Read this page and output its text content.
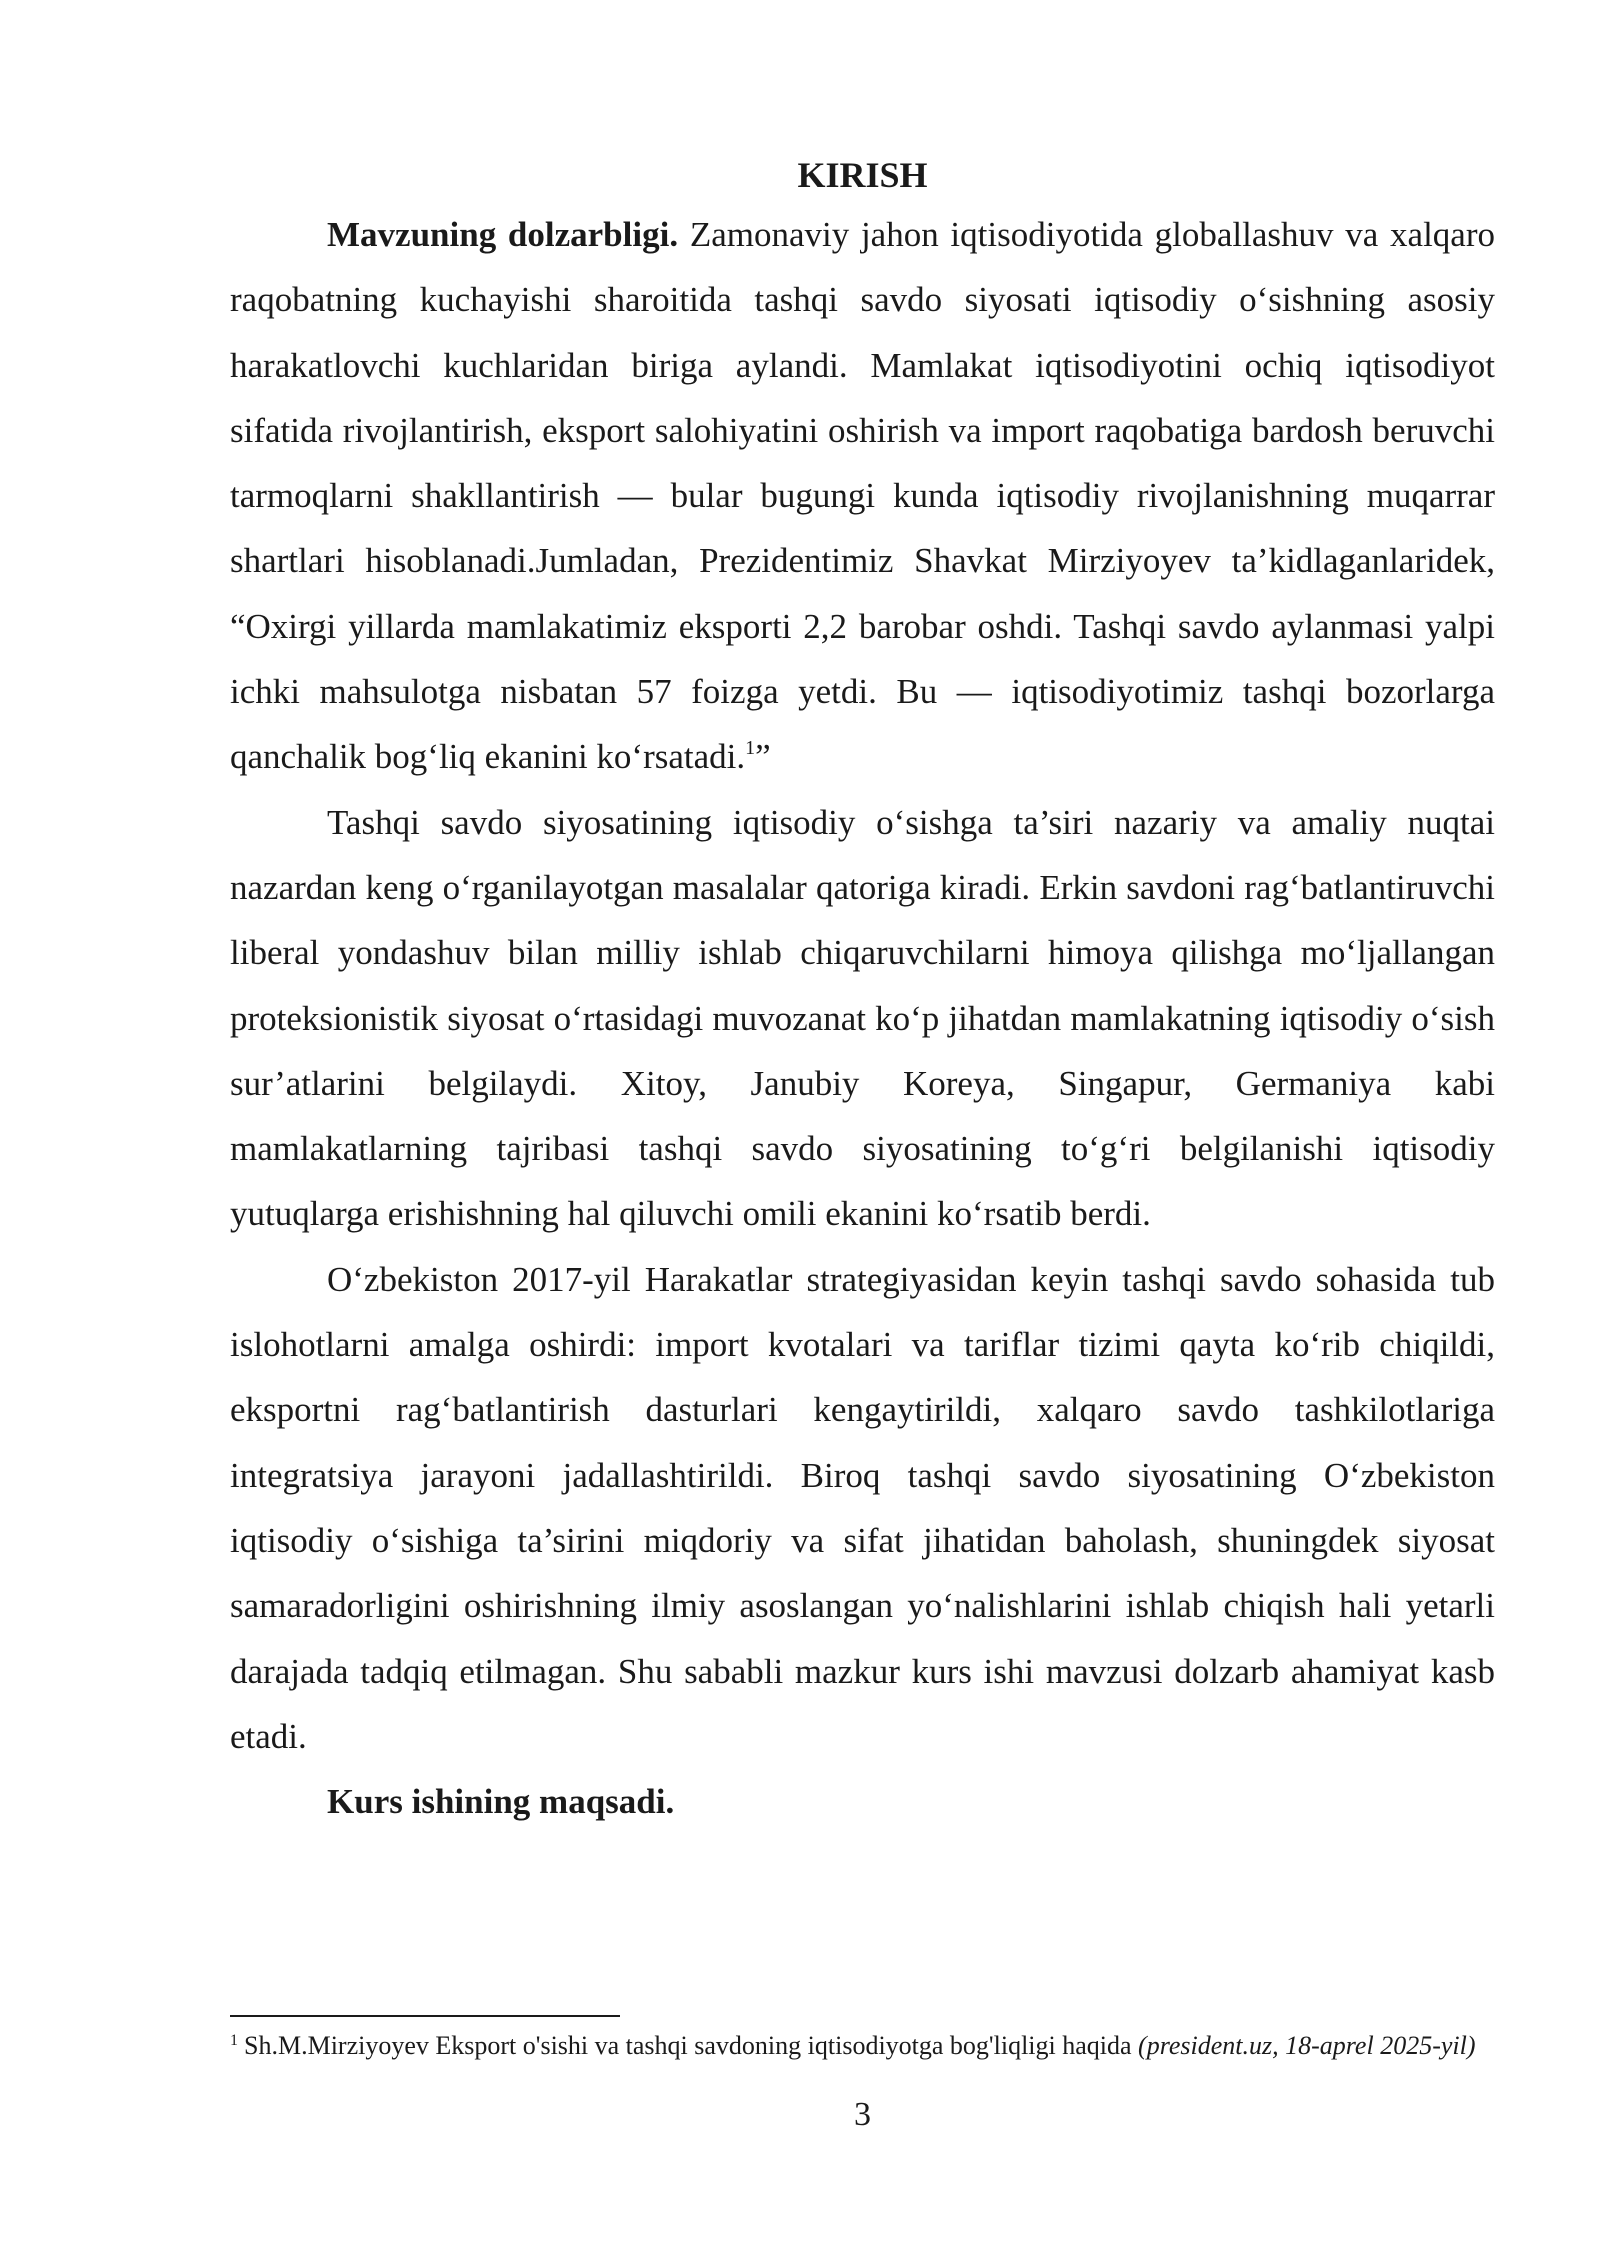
KIRISH

Mavzuning dolzarbligi. Zamonaviy jahon iqtisodiyotida globallashuv va xalqaro raqobatning kuchayishi sharoitida tashqi savdo siyosati iqtisodiy o‘sishning asosiy harakatlovchi kuchlaridan biriga aylandi. Mamlakat iqtisodiyotini ochiq iqtisodiyot sifatida rivojlantirish, eksport salohiyatini oshirish va import raqobatiga bardosh beruvchi tarmoqlarni shakllantirish — bular bugungi kunda iqtisodiy rivojlanishning muqarrar shartlari hisoblanadi.Jumladan, Prezidentimiz Shavkat Mirziyoyev ta’kidlaganlaridek, “Oxirgi yillarda mamlakatimiz eksporti 2,2 barobar oshdi. Tashqi savdo aylanmasi yalpi ichki mahsulotga nisbatan 57 foizga yetdi. Bu — iqtisodiyotimiz tashqi bozorlarga qanchalik bog‘liq ekanini ko‘rsatadi.$^1$”

Tashqi savdo siyosatining iqtisodiy o‘sishga ta’siri nazariy va amaliy nuqtai nazardan keng o‘rganilayotgan masalalar qatoriga kiradi. Erkin savdoni rag‘batlantiruvchi liberal yondashuv bilan milliy ishlab chiqaruvchilarni himoya qilishga mo‘ljallangan proteksionistik siyosat o‘rtasidagi muvozanat ko‘p jihatdan mamlakatning iqtisodiy o‘sish sur’atlarini belgilaydi. Xitoy, Janubiy Koreya, Singapur, Germaniya kabi mamlakatlarning tajribasi tashqi savdo siyosatining to‘g‘ri belgilanishi iqtisodiy yutuqlarga erishishning hal qiluvchi omili ekanini ko‘rsatib berdi.

O‘zbekiston 2017-yil Harakatlar strategiyasidan keyin tashqi savdo sohasida tub islohotlarni amalga oshirdi: import kvotalari va tariflar tizimi qayta ko‘rib chiqildi, eksportni rag‘batlantirish dasturlari kengaytirildi, xalqaro savdo tashkilotlariga integratsiya jarayoni jadallashtirildi. Biroq tashqi savdo siyosatining O‘zbekiston iqtisodiy o‘sishiga ta’sirini miqdoriy va sifat jihatidan baholash, shuningdek siyosat samaradorligini oshirishning ilmiy asoslangan yo‘nalishlarini ishlab chiqish hali yetarli darajada tadqiq etilmagan. Shu sababli mazkur kurs ishi mavzusi dolzarb ahamiyat kasb etadi.

Kurs ishining maqsadi.

$^1$ Sh.M.Mirziyoyev Eksport o'sishi va tashqi savdoning iqtisodiyotga bog'liqligi haqida (president.uz, 18-aprel 2025-yil)

3
